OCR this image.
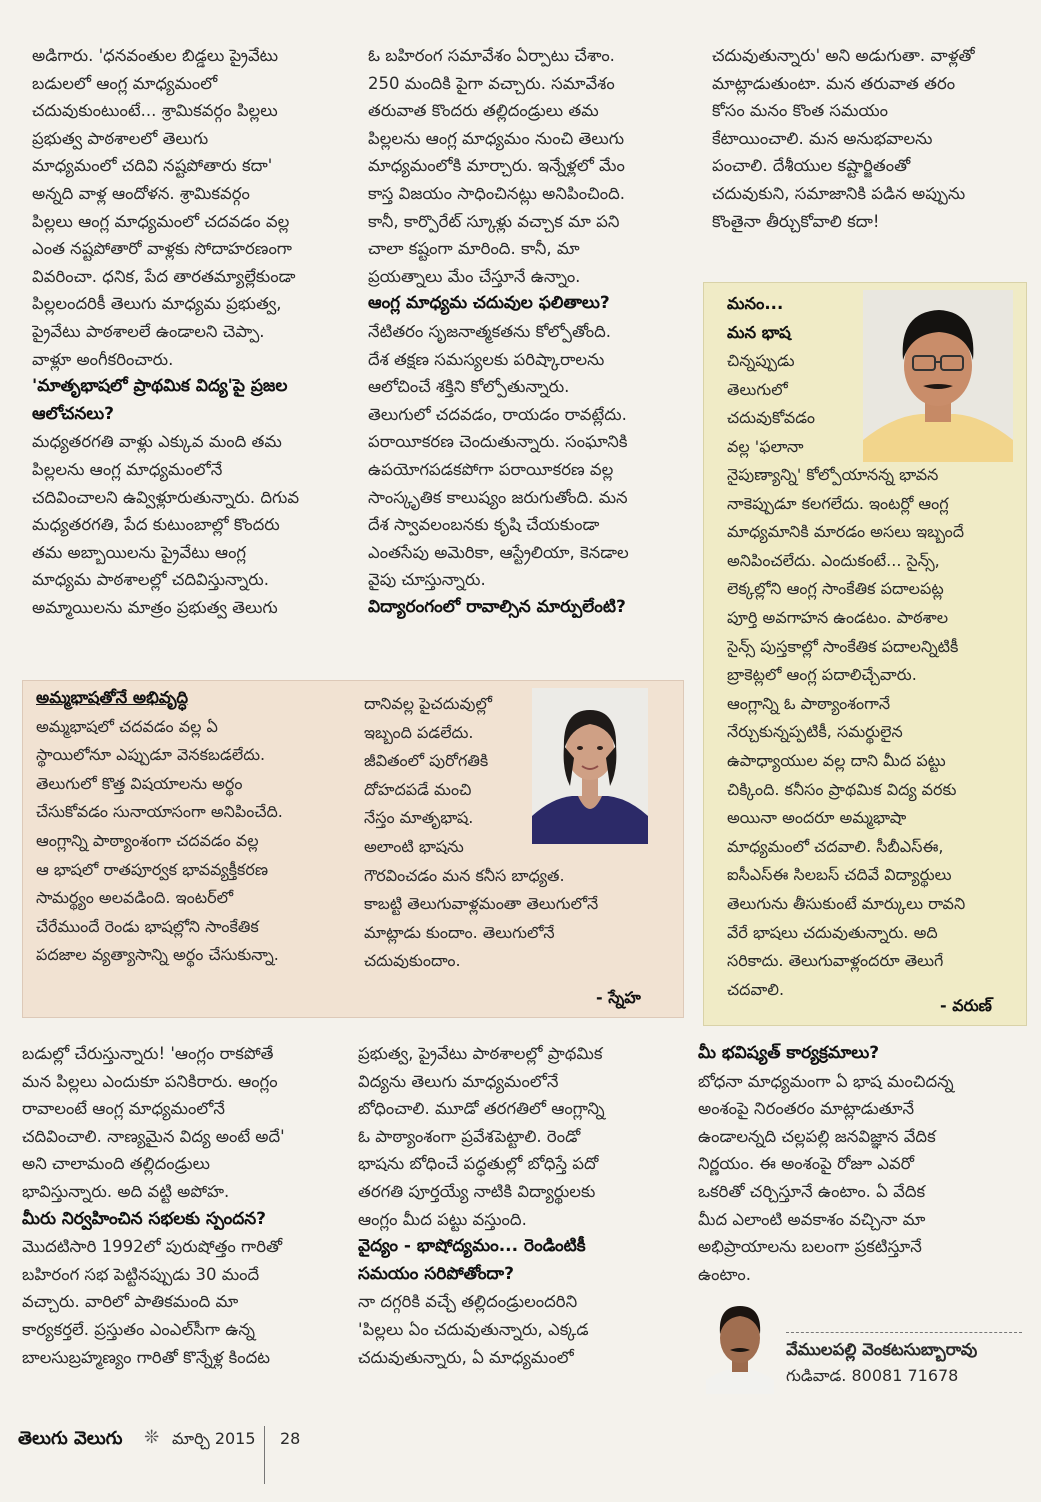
అడిగారు. 'ధనవంతుల బిడ్డలు ప్రైవేటు

బడులలో ఆంగ్ల మాధ్యమంలో

చదువుకుంటుంటే... శ్రామికవర్గం పిల్లలు

ప్రభుత్వ పాఠశాలలో తెలుగు

మాధ్యమంలో చదివి నష్టపోతారు కదా'

అన్నది వాళ్ల ఆందోళన. శ్రామికవర్గం

పిల్లలు ఆంగ్ల మాధ్యమంలో చదవడం వల్ల

ఎంత నష్టపోతారో వాళ్లకు సోదాహరణంగా

వివరించా. ధనిక, పేద తారతమ్యాల్లేకుండా

పిల్లలందరికీ తెలుగు మాధ్యమ ప్రభుత్వ,

ప్రైవేటు పాఠశాలలే ఉండాలని చెప్పా.

వాళ్లూ అంగీకరించారు.

'మాతృభాషలో ప్రాథమిక విద్య'పై ప్రజల
ఆలోచనలు?

మధ్యతరగతి వాళ్లు ఎక్కువ మంది తమ

పిల్లలను ఆంగ్ల మాధ్యమంలోనే

చదివించాలని ఉవ్విళ్లూరుతున్నారు. దిగువ

మధ్యతరగతి, పేద కుటుంబాల్లో కొందరు

తమ అబ్బాయిలను ప్రైవేటు ఆంగ్ల

మాధ్యమ పాఠశాలల్లో చదివిస్తున్నారు.

అమ్మాయిలను మాత్రం ప్రభుత్వ తెలుగు

ఓ బహిరంగ సమావేశం ఏర్పాటు చేశాం.

250 మందికి పైగా వచ్చారు. సమావేశం

తరువాత కొందరు తల్లిదండ్రులు తమ

పిల్లలను ఆంగ్ల మాధ్యమం నుంచి తెలుగు

మాధ్యమంలోకి మార్చారు. ఇన్నేళ్లలో మేం

కాస్త విజయం సాధించినట్లు అనిపించింది.

కానీ, కార్పొరేట్ స్కూళ్లు వచ్చాక మా పని

చాలా కష్టంగా మారింది. కానీ, మా

ప్రయత్నాలు మేం చేస్తూనే ఉన్నాం.

ఆంగ్ల మాధ్యమ చదువుల ఫలితాలు?

నేటితరం సృజనాత్మకతను కోల్పోతోంది.

దేశ తక్షణ సమస్యలకు పరిష్కారాలను

ఆలోచించే శక్తిని కోల్పోతున్నారు.

తెలుగులో చదవడం, రాయడం రావట్లేదు.

పరాయీకరణ చెందుతున్నారు. సంఘానికి

ఉపయోగపడకపోగా పరాయీకరణ వల్ల

సాంస్కృతిక కాలుష్యం జరుగుతోంది. మన

దేశ స్వావలంబనకు కృషి చేయకుండా

ఎంతసేపు అమెరికా, ఆస్ట్రేలియా, కెనడాల

వైపు చూస్తున్నారు.

విద్యారంగంలో రావాల్సిన మార్పులేంటి?

చదువుతున్నారు' అని అడుగుతా. వాళ్లతో

మాట్లాడుతుంటా. మన తరువాత తరం

కోసం మనం కొంత సమయం

కేటాయించాలి. మన అనుభవాలను

పంచాలి. దేశీయుల కష్టార్జితంతో

చదువుకుని, సమాజానికి పడిన అప్పును

కొంతైనా తీర్చుకోవాలి కదా!

అమ్మభాషతోనే అభివృద్ధి

అమ్మభాషలో చదవడం వల్ల ఏ

స్థాయిలోనూ ఎప్పుడూ వెనకబడలేదు.

తెలుగులో కొత్త విషయాలను అర్థం

చేసుకోవడం సునాయాసంగా అనిపించేది.

ఆంగ్లాన్ని పాఠ్యాంశంగా చదవడం వల్ల

ఆ భాషలో రాతపూర్వక భావవ్యక్తీకరణ

సామర్థ్యం అలవడింది. ఇంటర్‌లో

చేరేముందే రెండు భాషల్లోని సాంకేతిక

పదజాల వ్యత్యాసాన్ని అర్థం చేసుకున్నా.

దానివల్ల పైచదువుల్లో

ఇబ్బంది పడలేదు.

జీవితంలో పురోగతికి

దోహదపడే మంచి

నేస్తం మాతృభాష.

అలాంటి భాషను

గౌరవించడం మన కనీస బాధ్యత.

కాబట్టి తెలుగువాళ్లమంతా తెలుగులోనే

మాట్లాడు కుందాం. తెలుగులోనే

చదువుకుందాం.

- స్నేహ
మనం...
మన భాష

చిన్నప్పుడు

తెలుగులో

చదువుకోవడం

వల్ల 'ఫలానా

నైపుణ్యాన్ని' కోల్పోయానన్న భావన

నాకెప్పుడూ కలగలేదు. ఇంటర్లో ఆంగ్ల

మాధ్యమానికి మారడం అసలు ఇబ్బందే

అనిపించలేదు. ఎందుకంటే... సైన్స్,

లెక్కల్లోని ఆంగ్ల సాంకేతిక పదాలపట్ల

పూర్తి అవగాహన ఉండటం. పాఠశాల

సైన్స్ పుస్తకాల్లో సాంకేతిక పదాలన్నిటికీ

బ్రాకెట్లలో ఆంగ్ల పదాలిచ్చేవారు.

ఆంగ్లాన్ని ఓ పాఠ్యాంశంగానే

నేర్చుకున్నప్పటికీ, సమర్థులైన

ఉపాధ్యాయుల వల్ల దాని మీద పట్టు

చిక్కింది. కనీసం ప్రాథమిక విద్య వరకు

అయినా అందరూ అమ్మభాషా

మాధ్యమంలో చదవాలి. సీబీఎస్ఈ,

ఐసీఎస్ఈ సిలబస్ చదివే విద్యార్థులు

తెలుగును తీసుకుంటే మార్కులు రావని

వేరే భాషలు చదువుతున్నారు. అది

సరికాదు. తెలుగువాళ్లందరూ తెలుగే

చదవాలి.

- వరుణ్

బడుల్లో చేరుస్తున్నారు! 'ఆంగ్లం రాకపోతే

మన పిల్లలు ఎందుకూ పనికిరారు. ఆంగ్లం

రావాలంటే ఆంగ్ల మాధ్యమంలోనే

చదివించాలి. నాణ్యమైన విద్య అంటే అదే'

అని చాలామంది తల్లిదండ్రులు

భావిస్తున్నారు. అది వట్టి అపోహ.

మీరు నిర్వహించిన సభలకు స్పందన?

మొదటిసారి 1992లో పురుషోత్తం గారితో

బహిరంగ సభ పెట్టినప్పుడు 30 మందే

వచ్చారు. వారిలో పాతికమంది మా

కార్యకర్తలే. ప్రస్తుతం ఎంఎల్‌సీగా ఉన్న

బాలసుబ్రహ్మణ్యం గారితో కొన్నేళ్ల కిందట

ప్రభుత్వ, ప్రైవేటు పాఠశాలల్లో ప్రాథమిక

విద్యను తెలుగు మాధ్యమంలోనే

బోధించాలి. మూడో తరగతిలో ఆంగ్లాన్ని

ఓ పాఠ్యాంశంగా ప్రవేశపెట్టాలి. రెండో

భాషను బోధించే పద్ధతుల్లో బోధిస్తే పదో

తరగతి పూర్తయ్యే నాటికి విద్యార్థులకు

ఆంగ్లం మీద పట్టు వస్తుంది.

వైద్యం - భాషోద్యమం... రెండింటికీ
సమయం సరిపోతోందా?

నా దగ్గరికి వచ్చే తల్లిదండ్రులందరిని

'పిల్లలు ఏం చదువుతున్నారు, ఎక్కడ

చదువుతున్నారు, ఏ మాధ్యమంలో

మీ భవిష్యత్ కార్యక్రమాలు?

బోధనా మాధ్యమంగా ఏ భాష మంచిదన్న

అంశంపై నిరంతరం మాట్లాడుతూనే

ఉండాలన్నది చల్లపల్లి జనవిజ్ఞాన వేదిక

నిర్ణయం. ఈ అంశంపై రోజూ ఎవరో

ఒకరితో చర్చిస్తూనే ఉంటాం. ఏ వేదిక

మీద ఎలాంటి అవకాశం వచ్చినా మా

అభిప్రాయాలను బలంగా ప్రకటిస్తూనే

ఉంటాం.

వేములపల్లి వెంకటసుబ్బారావు
గుడివాడ. 80081 71678
తెలుగు వెలుగు ❊ మార్చి 2015 28
